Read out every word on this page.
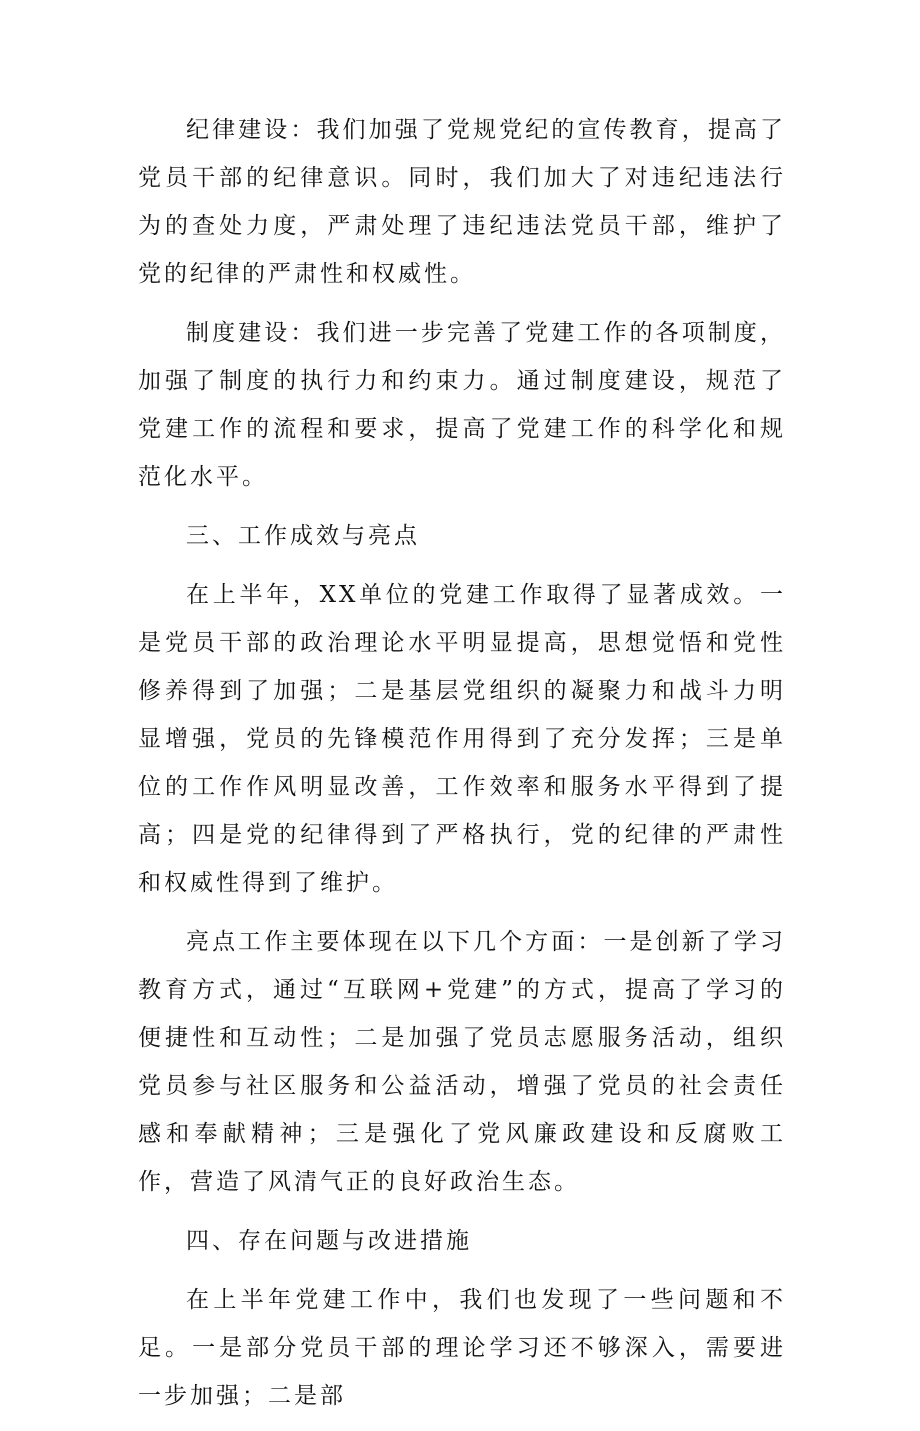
纪律建设：我们加强了党规党纪的宣传教育，提高了党员干部的纪律意识。同时，我们加大了对违纪违法行为的查处力度，严肃处理了违纪违法党员干部，维护了党的纪律的严肃性和权威性。

制度建设：我们进一步完善了党建工作的各项制度，加强了制度的执行力和约束力。通过制度建设，规范了党建工作的流程和要求，提高了党建工作的科学化和规范化水平。

三、工作成效与亮点

在上半年，XX单位的党建工作取得了显著成效。一是党员干部的政治理论水平明显提高，思想觉悟和党性修养得到了加强；二是基层党组织的凝聚力和战斗力明显增强，党员的先锋模范作用得到了充分发挥；三是单位的工作作风明显改善，工作效率和服务水平得到了提高；四是党的纪律得到了严格执行，党的纪律的严肃性和权威性得到了维护。

亮点工作主要体现在以下几个方面：一是创新了学习教育方式，通过“互联网+党建”的方式，提高了学习的便捷性和互动性；二是加强了党员志愿服务活动，组织党员参与社区服务和公益活动，增强了党员的社会责任感和奉献精神；三是强化了党风廉政建设和反腐败工作，营造了风清气正的良好政治生态。

四、存在问题与改进措施

在上半年党建工作中，我们也发现了一些问题和不足。一是部分党员干部的理论学习还不够深入，需要进一步加强；二是部
